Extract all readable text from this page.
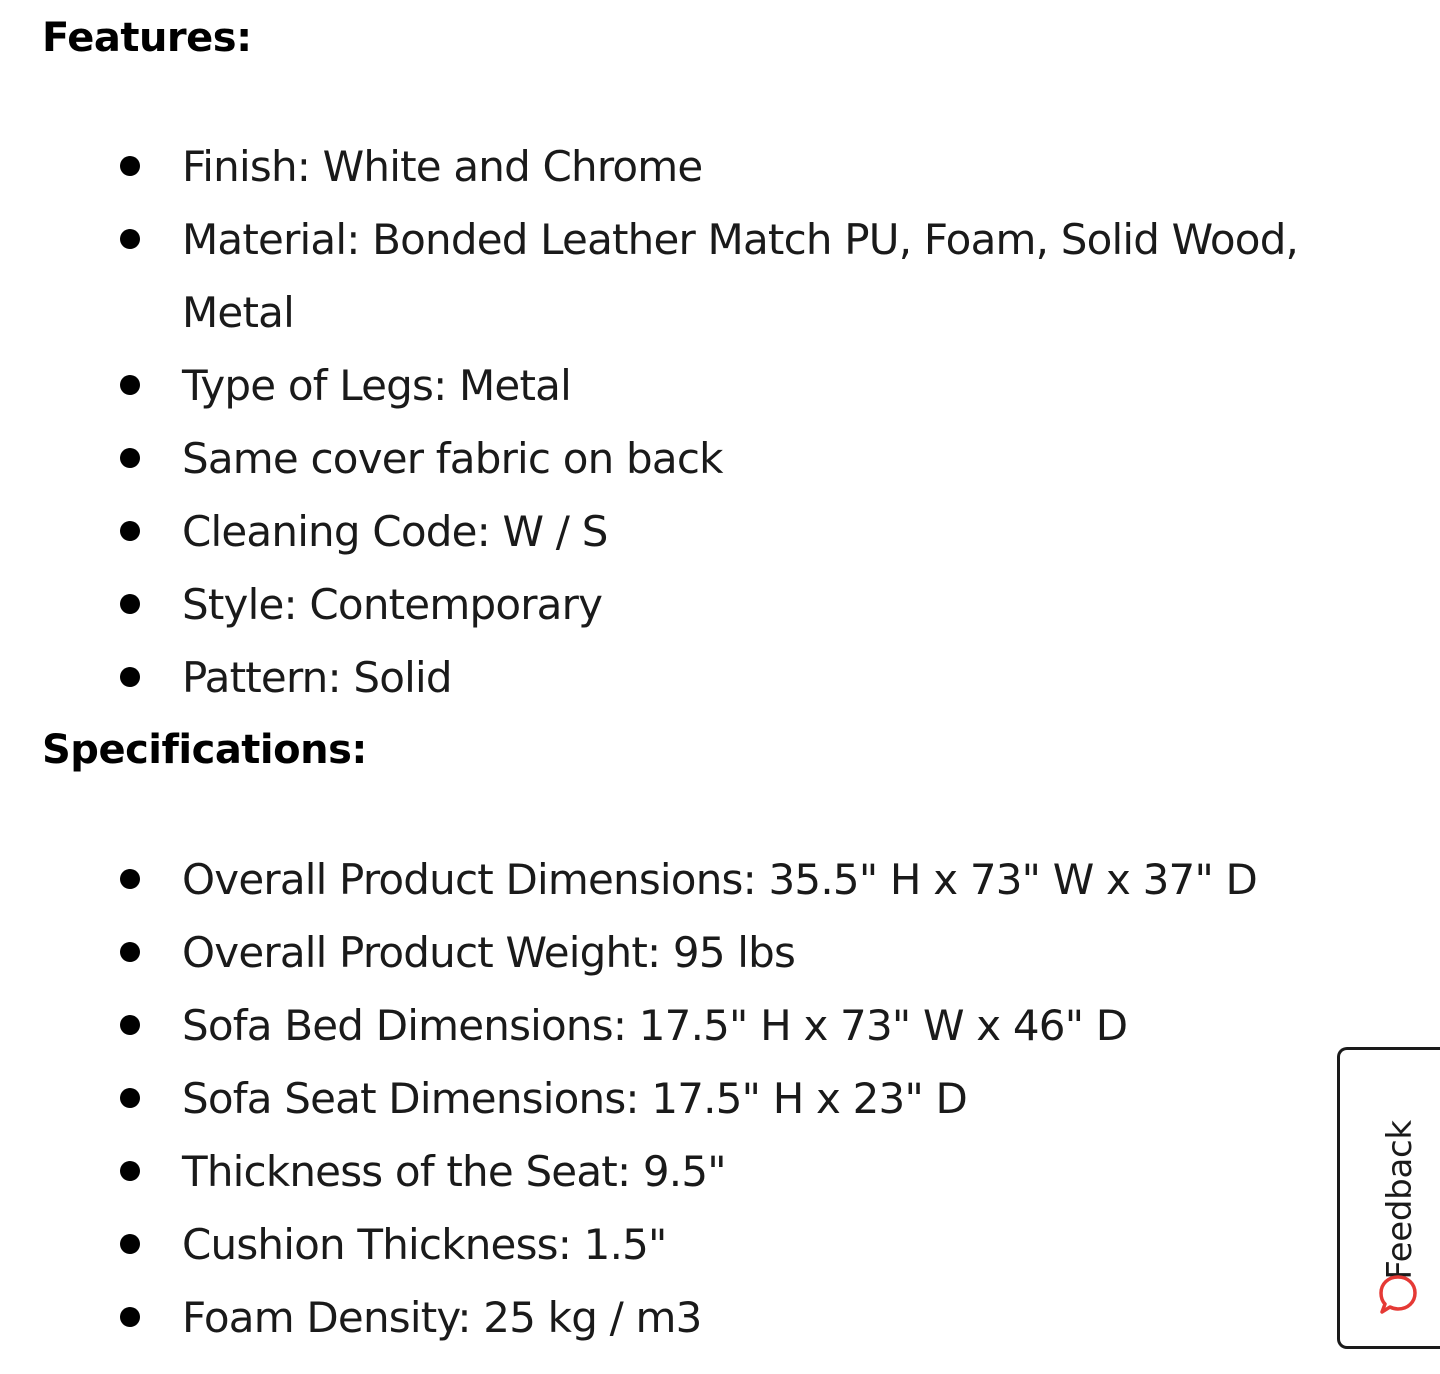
Features:
Finish: White and Chrome
Material: Bonded Leather Match PU, Foam, Solid Wood, Metal
Type of Legs: Metal
Same cover fabric on back
Cleaning Code: W / S
Style: Contemporary
Pattern: Solid
Specifications:
Overall Product Dimensions: 35.5" H x 73" W x 37" D
Overall Product Weight: 95 lbs
Sofa Bed Dimensions: 17.5" H x 73" W x 46" D
Sofa Seat Dimensions: 17.5" H x 23" D
Thickness of the Seat: 9.5"
Cushion Thickness: 1.5"
Foam Density: 25 kg / m3
Feedback
